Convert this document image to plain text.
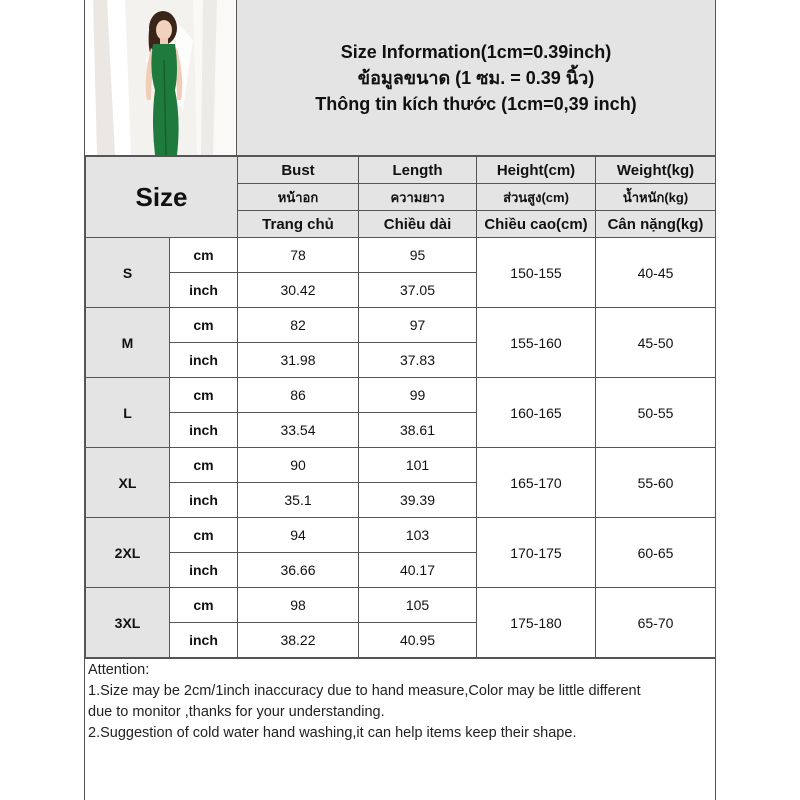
Size Information(1cm=0.39inch)
ข้อมูลขนาด (1 ซม. = 0.39 นิ้ว)
Thông tin kích thước (1cm=0,39 inch)
Size		Bust	Length	Height(cm)	Weight(kg)
		หน้าอก	ความยาว	ส่วนสูง(cm)	น้ำหนัก(kg)
		Trang chủ	Chiều dài	Chiều cao(cm)	Cân nặng(kg)
S	cm	78	95	150-155	40-45
	inch	30.42	37.05		
M	cm	82	97	155-160	45-50
	inch	31.98	37.83		
L	cm	86	99	160-165	50-55
	inch	33.54	38.61		
XL	cm	90	101	165-170	55-60
	inch	35.1	39.39		
2XL	cm	94	103	170-175	60-65
	inch	36.66	40.17		
3XL	cm	98	105	175-180	65-70
	inch	38.22	40.95		
Attention:
1.Size may be 2cm/1inch inaccuracy due to hand measure,Color may be little different
due to monitor ,thanks for your understanding.
2.Suggestion of cold water hand washing,it can help items keep their shape.
